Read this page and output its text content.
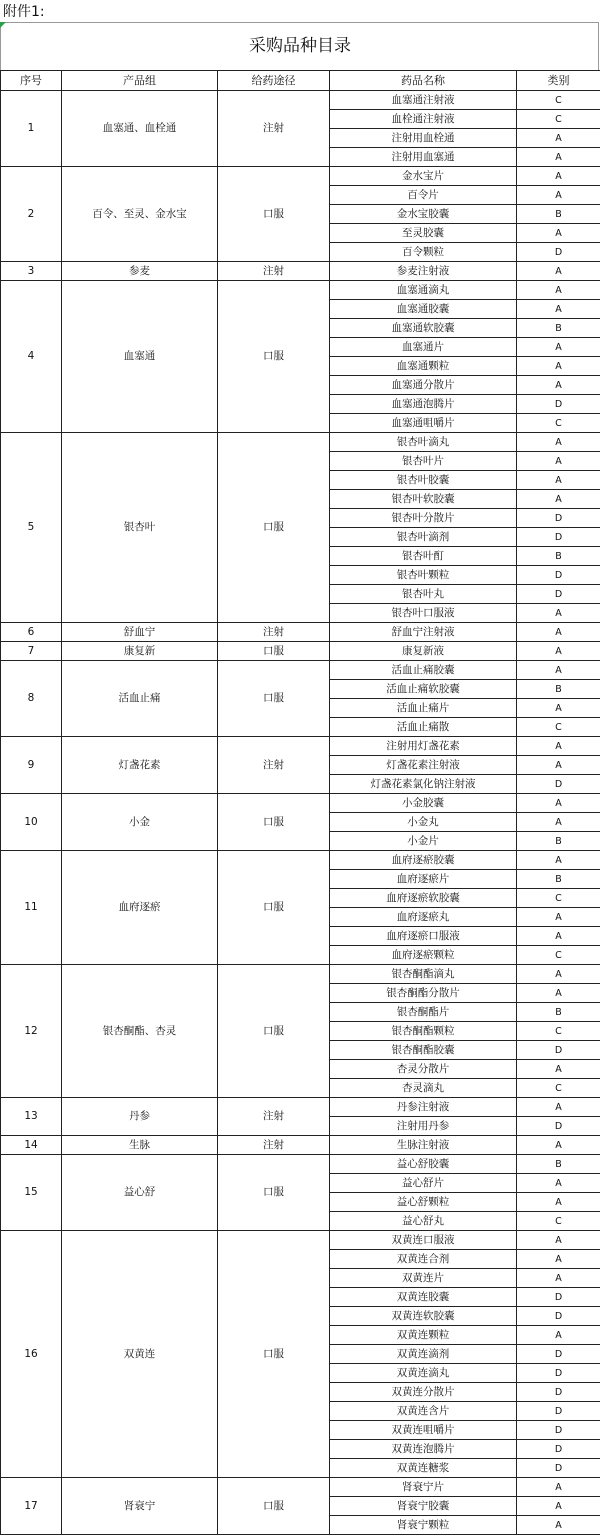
附件1:
采购品种目录
序号	产品组	给药途径	药品名称	类别
1	血塞通、血栓通	注射	血塞通注射液	C
			血栓通注射液	C
			注射用血栓通	A
			注射用血塞通	A
2	百令、至灵、金水宝	口服	金水宝片	A
			百令片	A
			金水宝胶囊	B
			至灵胶囊	A
			百令颗粒	D
3	参麦	注射	参麦注射液	A
4	血塞通	口服	血塞通滴丸	A
			血塞通胶囊	A
			血塞通软胶囊	B
			血塞通片	A
			血塞通颗粒	A
			血塞通分散片	A
			血塞通泡腾片	D
			血塞通咀嚼片	C
5	银杏叶	口服	银杏叶滴丸	A
			银杏叶片	A
			银杏叶胶囊	A
			银杏叶软胶囊	A
			银杏叶分散片	D
			银杏叶滴剂	D
			银杏叶酊	B
			银杏叶颗粒	D
			银杏叶丸	D
			银杏叶口服液	A
6	舒血宁	注射	舒血宁注射液	A
7	康复新	口服	康复新液	A
8	活血止痛	口服	活血止痛胶囊	A
			活血止痛软胶囊	B
			活血止痛片	A
			活血止痛散	C
9	灯盏花素	注射	注射用灯盏花素	A
			灯盏花素注射液	A
			灯盏花素氯化钠注射液	D
10	小金	口服	小金胶囊	A
			小金丸	A
			小金片	B
11	血府逐瘀	口服	血府逐瘀胶囊	A
			血府逐瘀片	B
			血府逐瘀软胶囊	C
			血府逐瘀丸	A
			血府逐瘀口服液	A
			血府逐瘀颗粒	C
12	银杏酮酯、杏灵	口服	银杏酮酯滴丸	A
			银杏酮酯分散片	A
			银杏酮酯片	B
			银杏酮酯颗粒	C
			银杏酮酯胶囊	D
			杏灵分散片	A
			杏灵滴丸	C
13	丹参	注射	丹参注射液	A
			注射用丹参	D
14	生脉	注射	生脉注射液	A
15	益心舒	口服	益心舒胶囊	B
			益心舒片	A
			益心舒颗粒	A
			益心舒丸	C
16	双黄连	口服	双黄连口服液	A
			双黄连合剂	A
			双黄连片	A
			双黄连胶囊	D
			双黄连软胶囊	D
			双黄连颗粒	A
			双黄连滴剂	D
			双黄连滴丸	D
			双黄连分散片	D
			双黄连含片	D
			双黄连咀嚼片	D
			双黄连泡腾片	D
			双黄连糖浆	D
17	肾衰宁	口服	肾衰宁片	A
			肾衰宁胶囊	A
			肾衰宁颗粒	A
